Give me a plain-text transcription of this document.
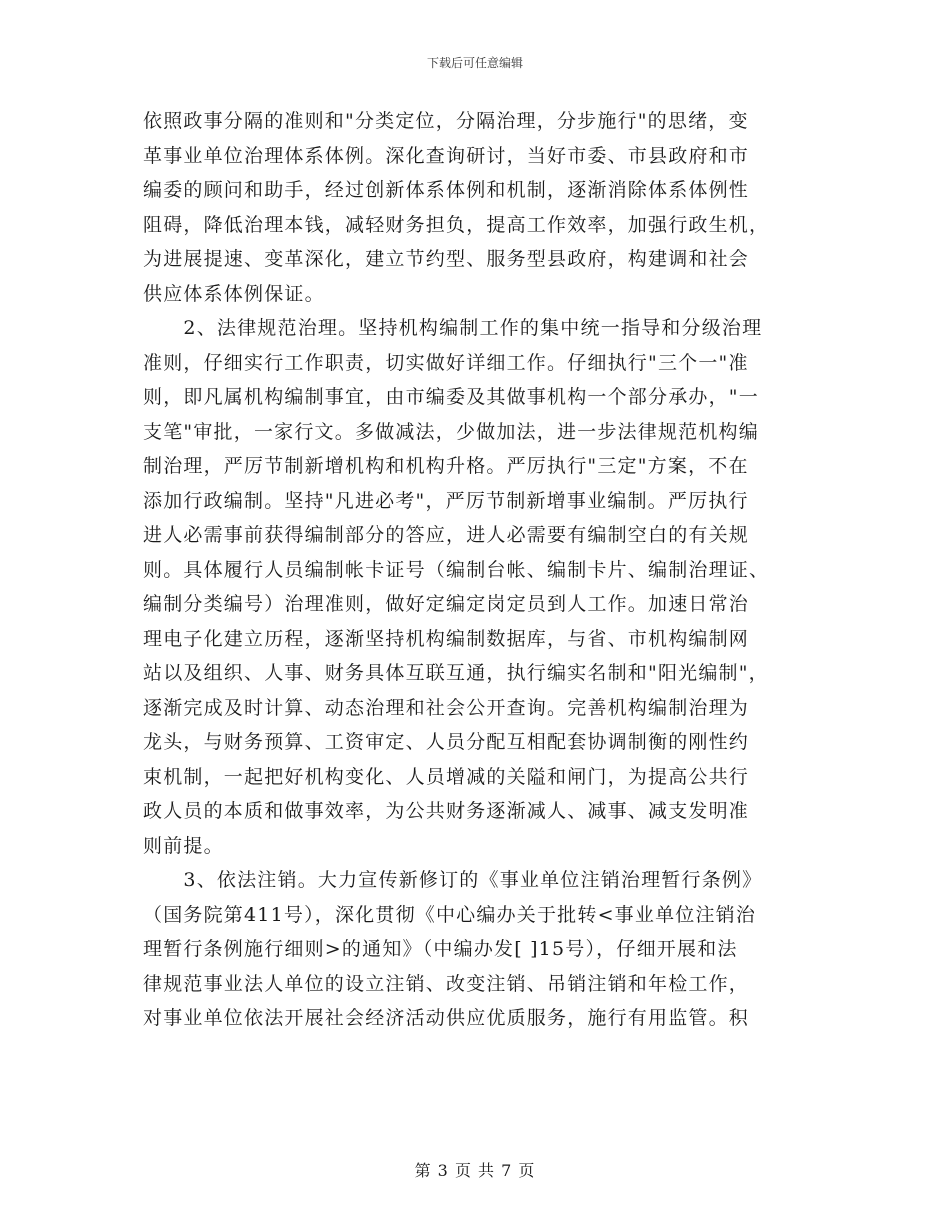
下载后可任意编辑
依照政事分隔的准则和"分类定位，分隔治理，分步施行"的思绪，变
革事业单位治理体系体例。深化查询研讨，当好市委、市县政府和市
编委的顾问和助手，经过创新体系体例和机制，逐渐消除体系体例性
阻碍，降低治理本钱，减轻财务担负，提高工作效率，加强行政生机，
为进展提速、变革深化，建立节约型、服务型县政府，构建调和社会
供应体系体例保证。
　　2、法律规范治理。坚持机构编制工作的集中统一指导和分级治理
准则，仔细实行工作职责，切实做好详细工作。仔细执行"三个一"准
则，即凡属机构编制事宜，由市编委及其做事机构一个部分承办，"一
支笔"审批，一家行文。多做减法，少做加法，进一步法律规范机构编
制治理，严厉节制新增机构和机构升格。严厉执行"三定"方案，不在
添加行政编制。坚持"凡进必考"，严厉节制新增事业编制。严厉执行
进人必需事前获得编制部分的答应，进人必需要有编制空白的有关规
则。具体履行人员编制帐卡证号（编制台帐、编制卡片、编制治理证、
编制分类编号）治理准则，做好定编定岗定员到人工作。加速日常治
理电子化建立历程，逐渐坚持机构编制数据库，与省、市机构编制网
站以及组织、人事、财务具体互联互通，执行编实名制和"阳光编制"，
逐渐完成及时计算、动态治理和社会公开查询。完善机构编制治理为
龙头，与财务预算、工资审定、人员分配互相配套协调制衡的刚性约
束机制，一起把好机构变化、人员增减的关隘和闸门，为提高公共行
政人员的本质和做事效率，为公共财务逐渐减人、减事、减支发明准
则前提。
　　3、依法注销。大力宣传新修订的《事业单位注销治理暂行条例》
（国务院第411号），深化贯彻《中心编办关于批转<事业单位注销治
理暂行条例施行细则>的通知》（中编办发[ ]15号），仔细开展和法
律规范事业法人单位的设立注销、改变注销、吊销注销和年检工作，
对事业单位依法开展社会经济活动供应优质服务，施行有用监管。积
第 3 页 共 7 页
